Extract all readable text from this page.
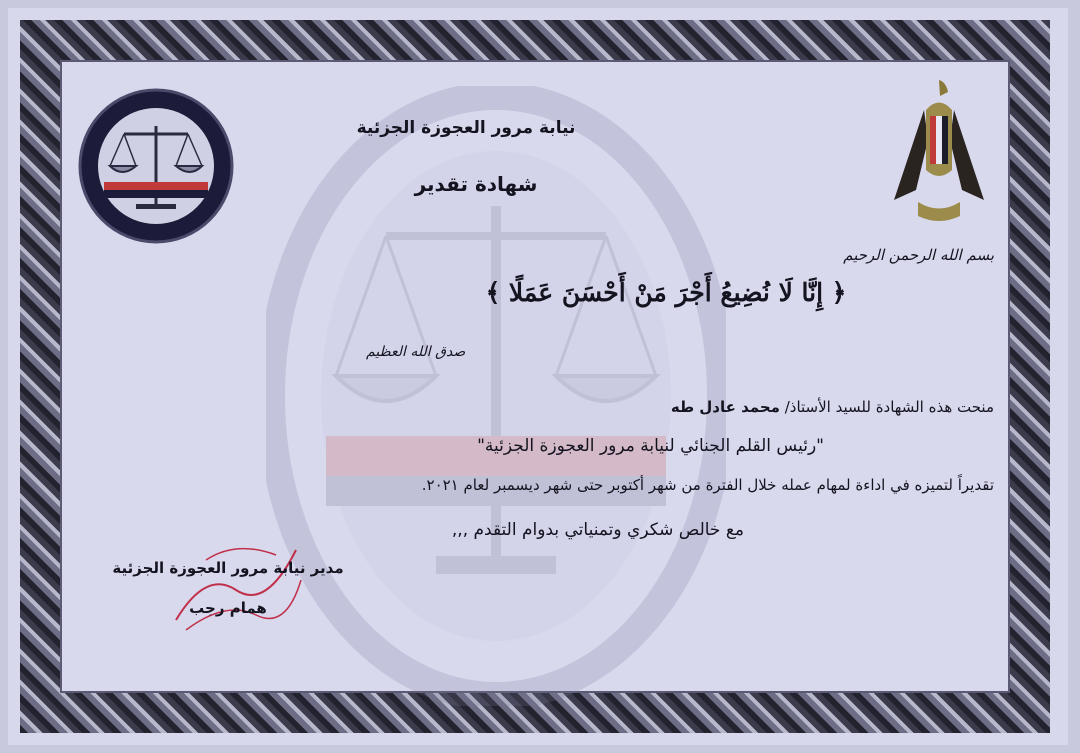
نيابة مرور العجوزة الجزئية
شهادة تقدير
بسم الله الرحمن الرحيم
﴿ إِنَّا لَا نُضِيعُ أَجْرَ مَنْ أَحْسَنَ عَمَلًا ﴾
صدق الله العظيم
منحت هذه الشهادة للسيد الأستاذ/ محمد عادل طه
"رئيس القلم الجنائي لنيابة مرور العجوزة الجزئية"
تقديراً لتميزه في اداءة لمهام عمله خلال الفترة من شهر أكتوبر حتى شهر ديسمبر لعام ٢٠٢١.
مع خالص شكري وتمنياتي بدوام التقدم ,,,
مدير نيابة مرور العجوزة الجزئية
همام رجب
